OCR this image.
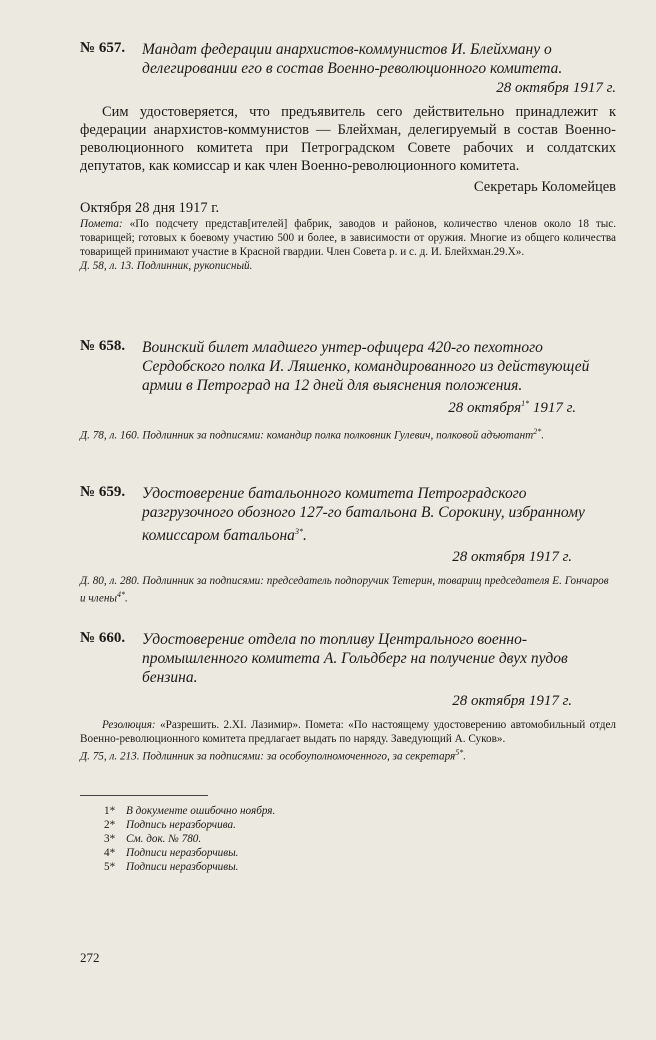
№ 657. Мандат федерации анархистов-коммунистов И. Блейхману о делегировании его в состав Военно-революционного комитета.
28 октября 1917 г.
Сим удостоверяется, что предъявитель сего действительно принадлежит к федерации анархистов-коммунистов — Блейхман, делегируемый в состав Военно-революционного комитета при Петроградском Совете рабочих и солдатских депутатов, как комиссар и как член Военно-революционного комитета.
Секретарь Коломейцев
Октября 28 дня 1917 г.
Помета: «По подсчету представ[ителей] фабрик, заводов и районов, количество членов около 18 тыс. товарищей; готовых к боевому участию 500 и более, в зависимости от оружия. Многие из общего количества товарищей принимают участие в Красной гвардии. Член Совета р. и с. д. И. Блейхман.29.X».
Д. 58, л. 13. Подлинник, рукописный.
№ 658. Воинский билет младшего унтер-офицера 420-го пехотного Сердобского полка И. Ляшенко, командированного из действующей армии в Петроград на 12 дней для выяснения положения.
28 октября$^{1*}$ 1917 г.
Д. 78, л. 160. Подлинник за подписями: командир полка полковник Гулевич, полковой адъютант$^{2*}$.
№ 659. Удостоверение батальонного комитета Петроградского разгрузочного обозного 127-го батальона В. Сорокину, избранному комиссаром батальона$^{3*}$.
28 октября 1917 г.
Д. 80, л. 280. Подлинник за подписями: председатель подпоручик Тетерин, товарищ председателя Е. Гончаров и члены$^{4*}$.
№ 660. Удостоверение отдела по топливу Центрального военно-промышленного комитета А. Гольдберг на получение двух пудов бензина.
28 октября 1917 г.
Резолюция: «Разрешить. 2.XI. Лазимир». Помета: «По настоящему удостоверению автомобильный отдел Военно-революционного комитета предлагает выдать по наряду. Заведующий А. Суков».
Д. 75, л. 213. Подлинник за подписями: за особоуполномоченного, за секретаря$^{5*}$.
1* В документе ошибочно ноября.
2* Подпись неразборчива.
3* См. док. № 780.
4* Подписи неразборчивы.
5* Подписи неразборчивы.
272
